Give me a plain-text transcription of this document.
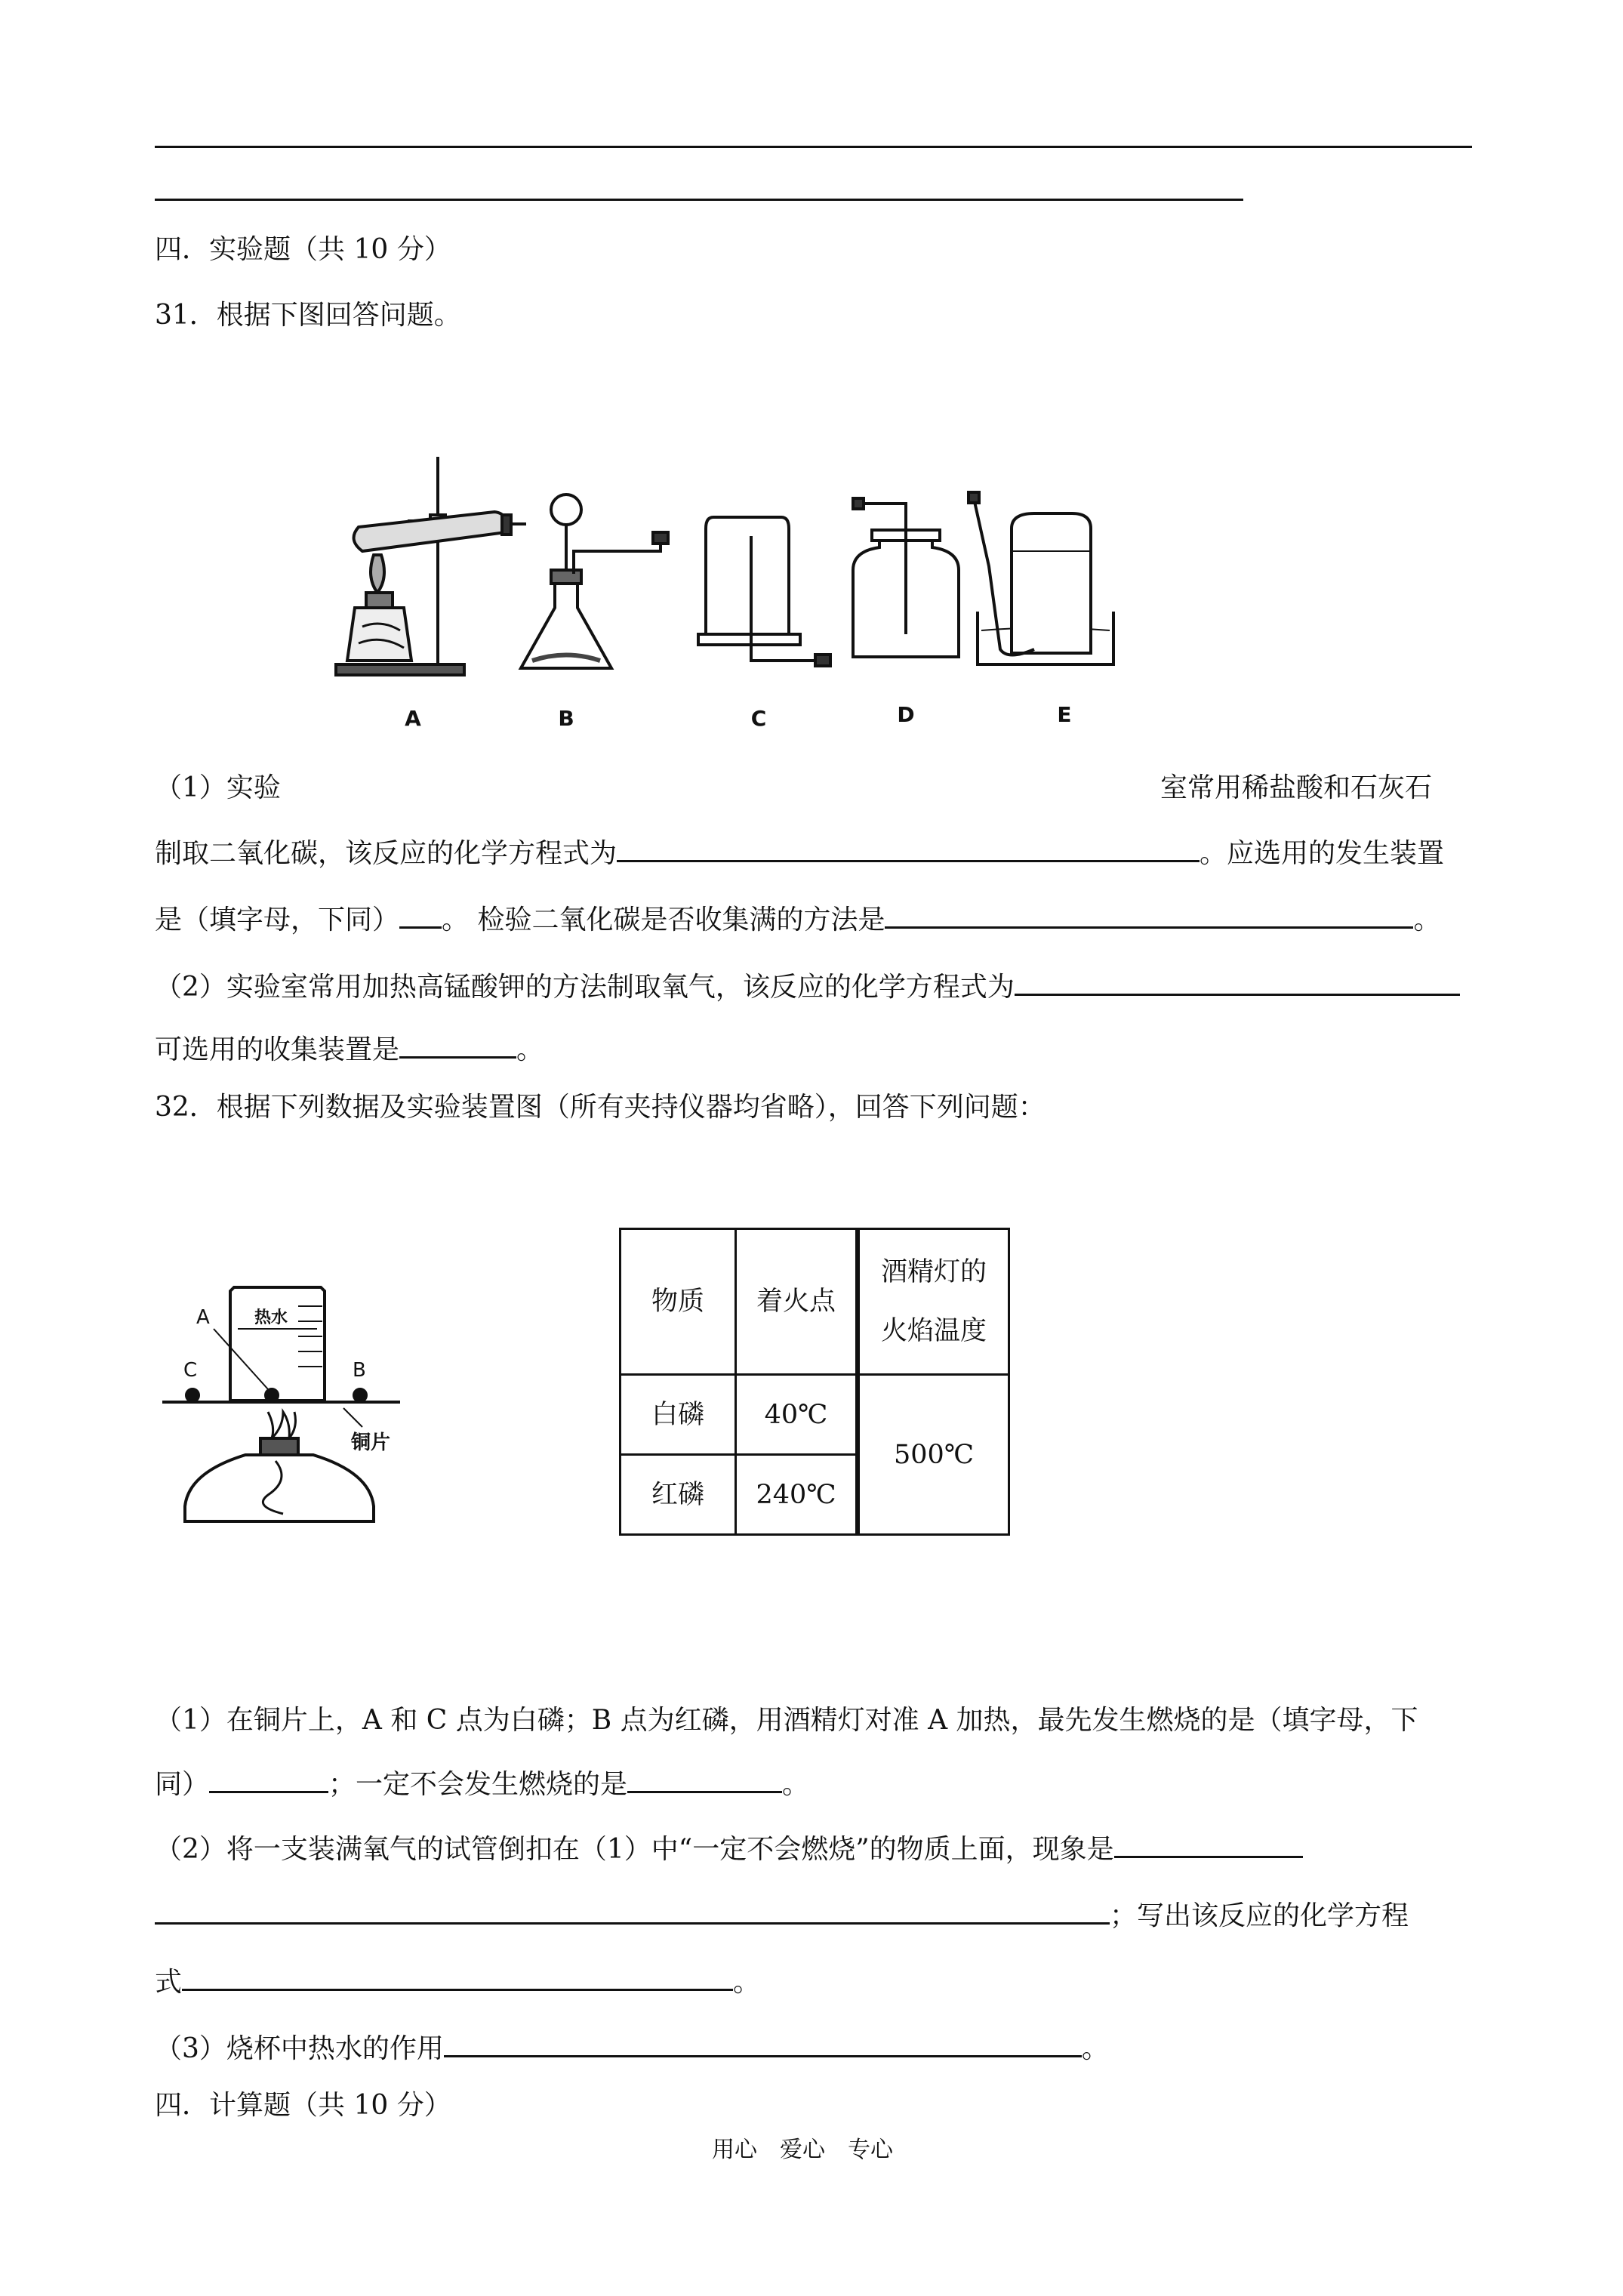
四．实验题（共 10 分）
31．根据下图回答问题。
A	B	C	D	E
（1）实验	室常用稀盐酸和石灰石
制取二氧化碳，该反应的化学方程式为	。应选用的发生装置
是（填字母，下同） 。 检验二氧化碳是否收集满的方法是	。
（2）实验室常用加热高锰酸钾的方法制取氧气，该反应的化学方程式为
可选用的收集装置是	。
32．根据下列数据及实验装置图（所有夹持仪器均省略），回答下列问题：
A
C	B
热水
铜片
物质	着火点	酒精灯的
火焰温度

白磷	40℃	500℃
红磷	240℃	
（1）在铜片上，A 和 C 点为白磷；B 点为红磷，用酒精灯对准 A 加热，最先发生燃烧的是（填字母，下
同）	；一定不会发生燃烧的是	。
（2）将一支装满氧气的试管倒扣在（1）中“一定不会燃烧”的物质上面，现象是
；写出该反应的化学方程
式	。
（3）烧杯中热水的作用	。
四．计算题（共 10 分）
用心　爱心　专心
